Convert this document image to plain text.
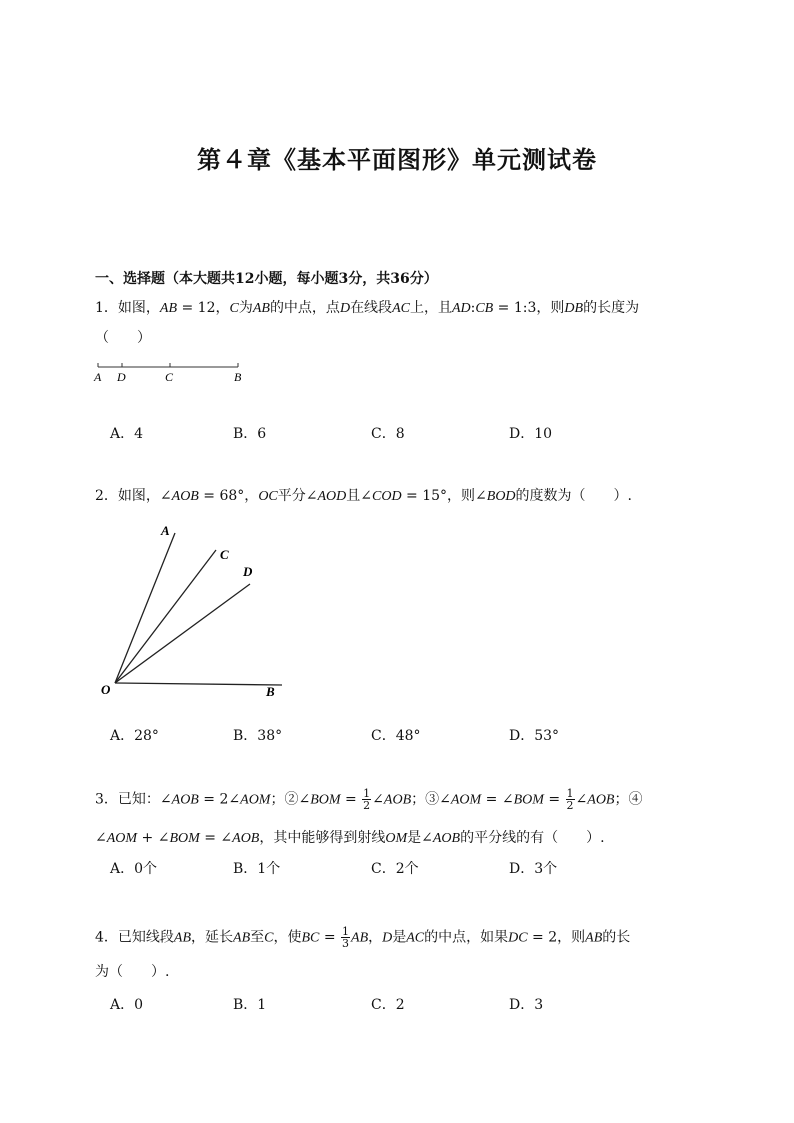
第４章《基本平面图形》单元测试卷
一、选择题（本大题共12小题，每小题3分，共36分）
1．如图，AB = 12，C为AB的中点，点D在线段AC上，且AD:CB = 1:3，则DB的长度为
（　　）
A D	C	B
A．4	B．6	C．8	D．10
2．如图，∠AOB = 68°，OC平分∠AOD且∠COD = 15°，则∠BOD的度数为（　　）.
A
C
D
O	B
A．28°	B．38°	C．48°	D．53°
3．已知：∠AOB = 2∠AOM；②∠BOM = $\frac{1}{2}$ ∠AOB；③∠AOM = ∠BOM = $\frac{1}{2}$ ∠AOB；④
∠AOM + ∠BOM = ∠AOB，其中能够得到射线OM是∠AOB的平分线的有（　　）.
A．0个	B．1个	C．2个	D．3个
4．已知线段AB，延长AB至C，使BC = $\frac{1}{3}$ AB，D是AC的中点，如果DC = 2，则AB的长
为（　　）.
A．0	B．1	C．2	D．3
